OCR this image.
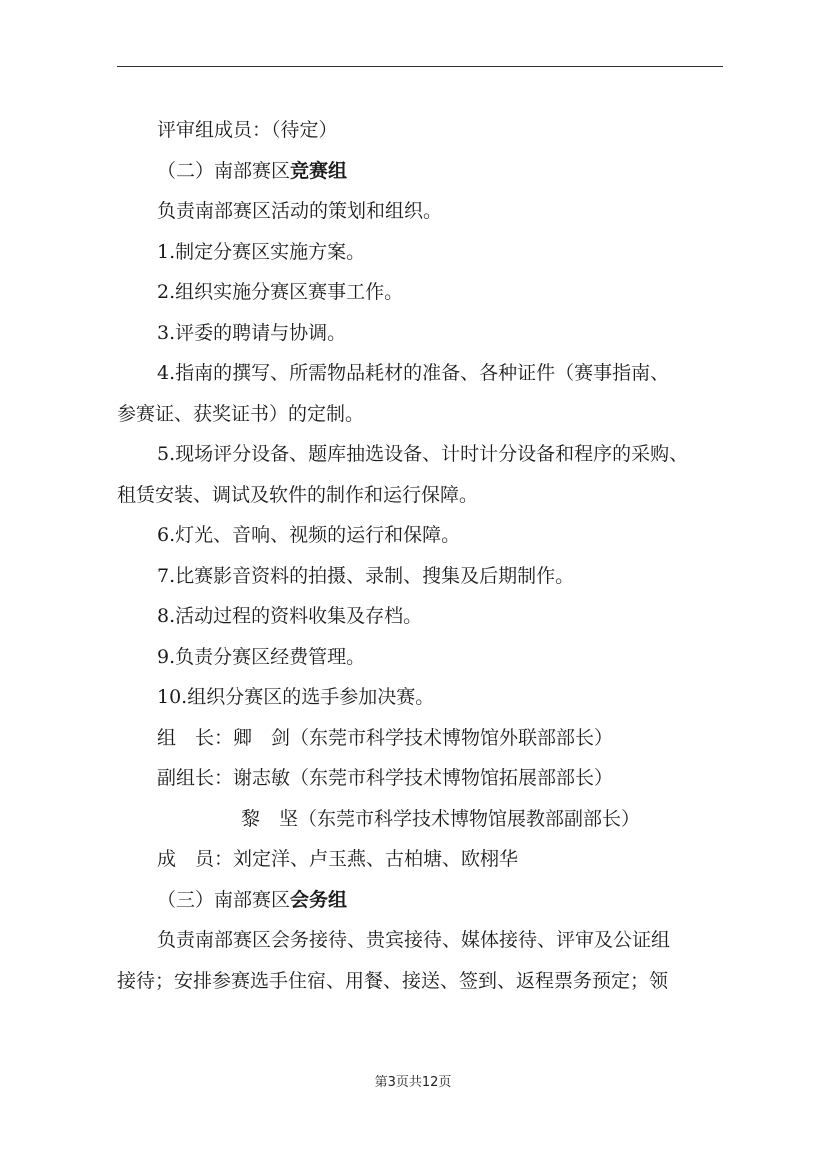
评审组成员：（待定）

（二）南部赛区竞赛组

负责南部赛区活动的策划和组织。

1.制定分赛区实施方案。

2.组织实施分赛区赛事工作。

3.评委的聘请与协调。

4.指南的撰写、所需物品耗材的准备、各种证件（赛事指南、

参赛证、获奖证书）的定制。

5.现场评分设备、题库抽选设备、计时计分设备和程序的采购、

租赁安装、调试及软件的制作和运行保障。

6.灯光、音响、视频的运行和保障。

7.比赛影音资料的拍摄、录制、搜集及后期制作。

8.活动过程的资料收集及存档。

9.负责分赛区经费管理。

10.组织分赛区的选手参加决赛。

组　长：卿　剑（东莞市科学技术博物馆外联部部长）

副组长：谢志敏（东莞市科学技术博物馆拓展部部长）

黎　坚（东莞市科学技术博物馆展教部副部长）

成　员：刘定洋、卢玉燕、古柏塘、欧栩华

（三）南部赛区会务组

负责南部赛区会务接待、贵宾接待、媒体接待、评审及公证组

接待；安排参赛选手住宿、用餐、接送、签到、返程票务预定；领

第3页共12页
